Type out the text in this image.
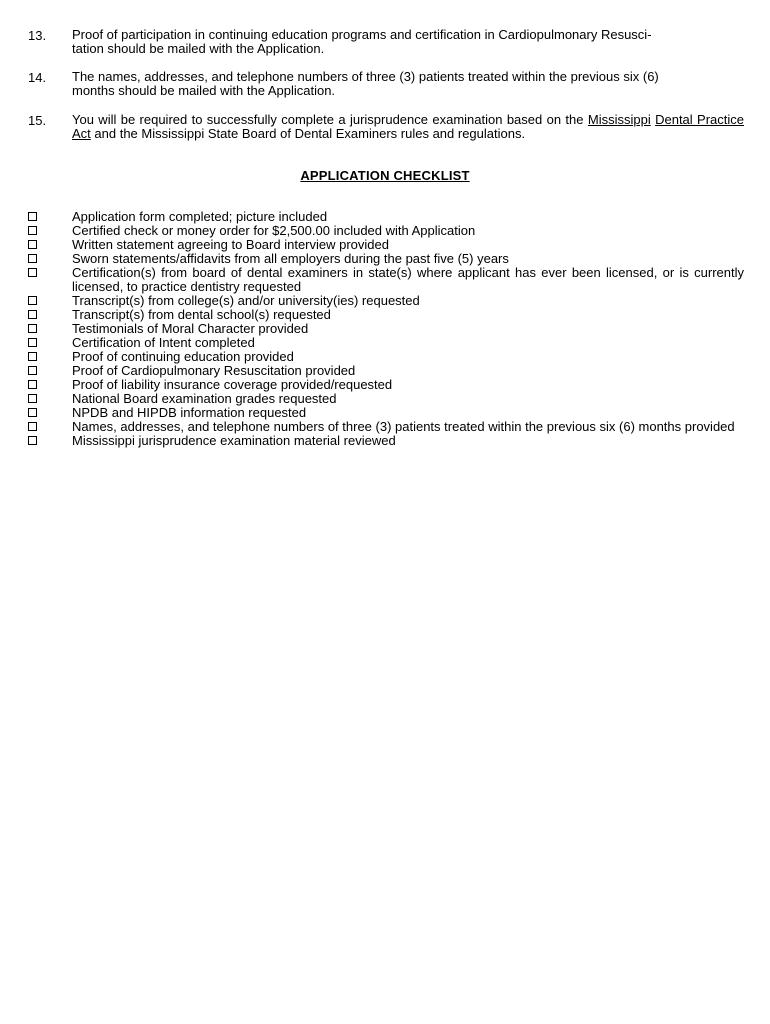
13. Proof of participation in continuing education programs and certification in Cardiopulmonary Resusci-
tation should be mailed with the Application.
14. The names, addresses, and telephone numbers of three (3) patients treated within the previous six (6)
months should be mailed with the Application.
15. You will be required to successfully complete a jurisprudence examination based on the Mississippi Dental Practice Act and the Mississippi State Board of Dental Examiners rules and regulations.
APPLICATION CHECKLIST
Application form completed; picture included
Certified check or money order for $2,500.00 included with Application
Written statement agreeing to Board interview provided
Sworn statements/affidavits from all employers during the past five (5) years
Certification(s) from board of dental examiners in state(s) where applicant has ever been licensed, or is currently licensed, to practice dentistry requested
Transcript(s) from college(s) and/or university(ies) requested
Transcript(s) from dental school(s) requested
Testimonials of Moral Character provided
Certification of Intent completed
Proof of continuing education provided
Proof of Cardiopulmonary Resuscitation provided
Proof of liability insurance coverage provided/requested
National Board examination grades requested
NPDB and HIPDB information requested
Names, addresses, and telephone numbers of three (3) patients treated within the previous six (6) months provided
Mississippi jurisprudence examination material reviewed
